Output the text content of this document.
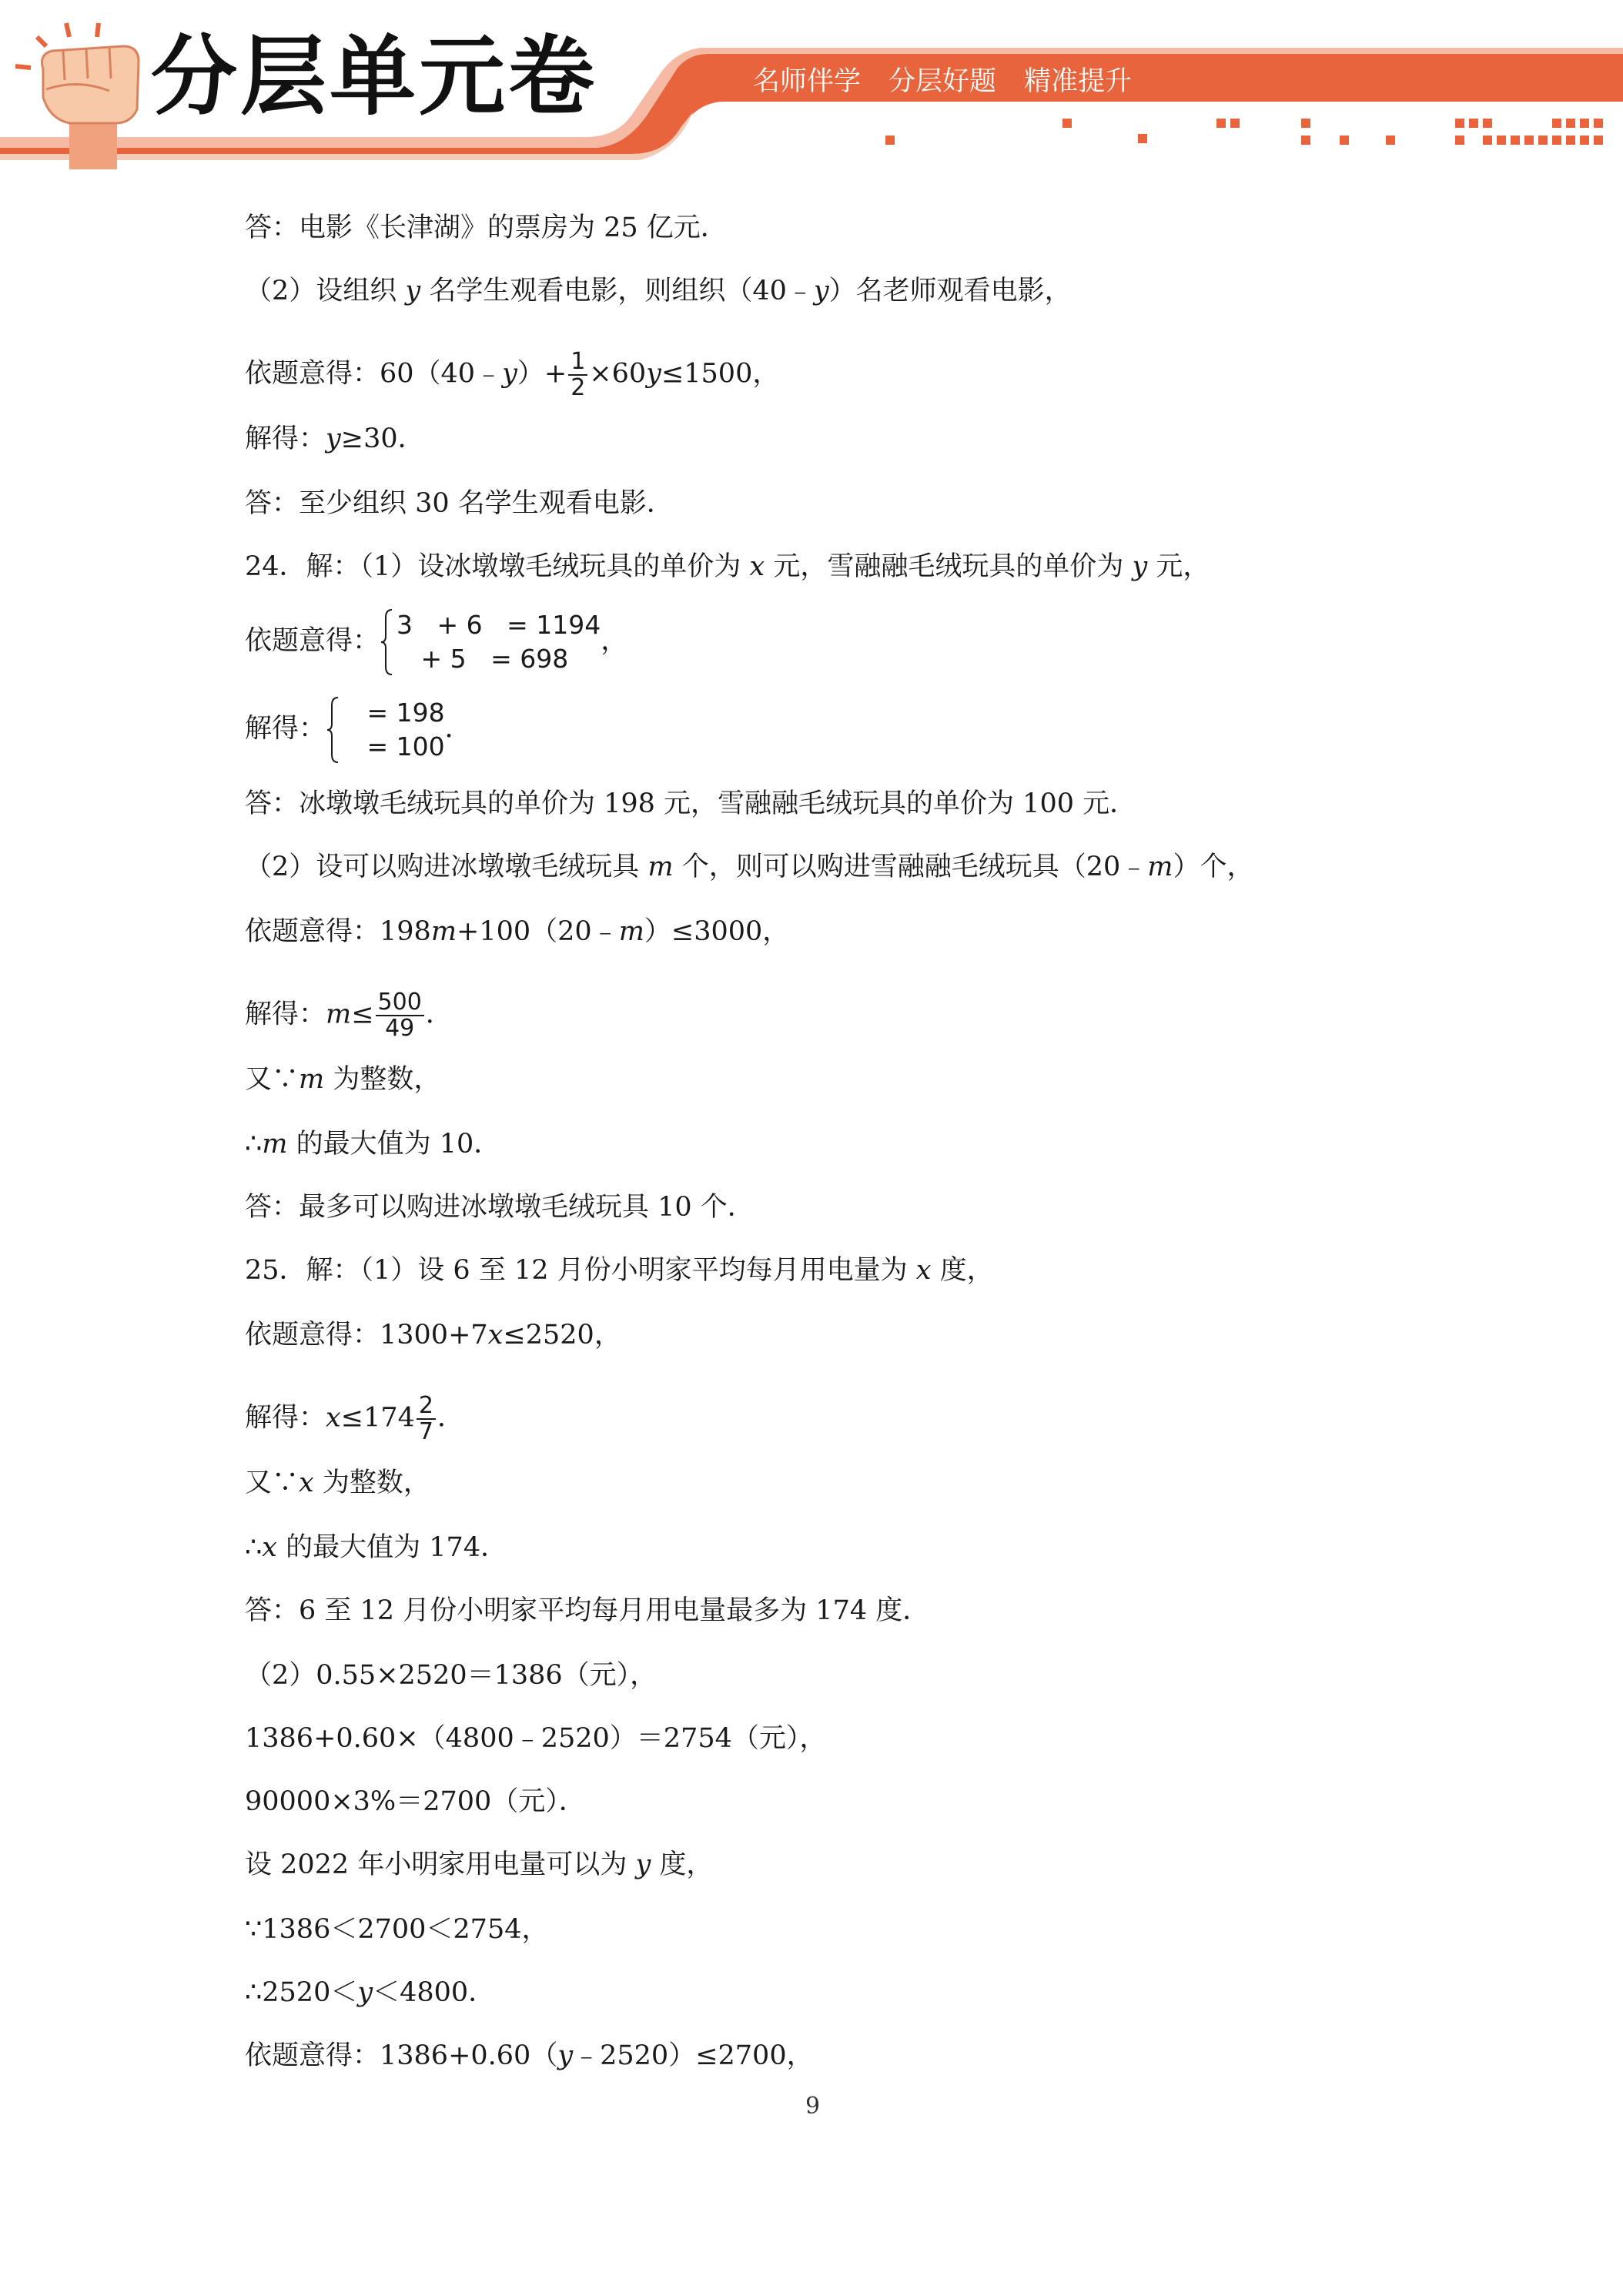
分层单元卷	名师伴学 分层好题 精准提升
答：电影《长津湖》的票房为 25 亿元．
（2）设组织 y 名学生观看电影，则组织（40﹣y）名老师观看电影，
依题意得：60（40﹣y）+ $\frac{1}{2} \times 60y\le 1500$，
解得：y≥30．
答：至少组织 30 名学生观看电影．
24．解：（1）设冰墩墩毛绒玩具的单价为 x 元，雪融融毛绒玩具的单价为 y 元，
依题意得：
3   + 6   = 1194
+ 5   = 698
，
解得：
= 198
= 100
．
答：冰墩墩毛绒玩具的单价为 198 元，雪融融毛绒玩具的单价为 100 元．
（2）设可以购进冰墩墩毛绒玩具 m 个，则可以购进雪融融毛绒玩具（20﹣m）个，
依题意得：198m+100（20﹣m）≤3000，
解得：$m\le \frac{500}{49}$ ．
又∵m 为整数，
∴m 的最大值为 10．
答：最多可以购进冰墩墩毛绒玩具 10 个．
25．解：（1）设 6 至 12 月份小明家平均每月用电量为 x 度，
依题意得：1300+7x≤2520，
解得：$x\le 174 \frac{2}{7}$ ．
又∵x 为整数，
∴x 的最大值为 174．
答：6 至 12 月份小明家平均每月用电量最多为 174 度．
（2）0.55×2520＝1386（元），
1386+0.60×（4800﹣2520）＝2754（元），
90000×3%＝2700（元）．
设 2022 年小明家用电量可以为 y 度，
∵1386＜2700＜2754，
∴2520＜y＜4800．
依题意得：1386+0.60（y﹣2520）≤2700，
9
